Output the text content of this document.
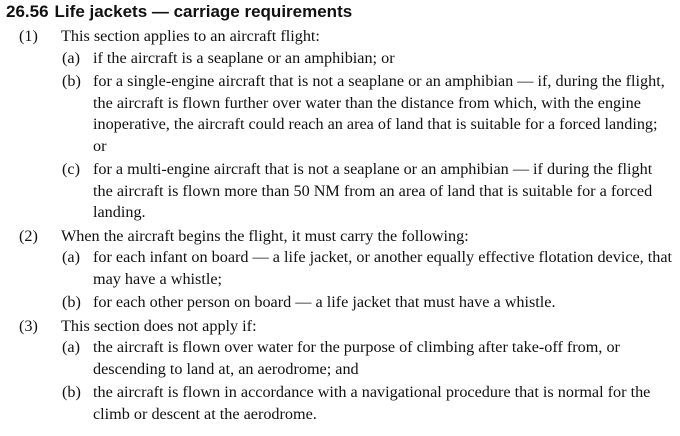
26.56 Life jackets — carriage requirements
(1) This section applies to an aircraft flight:
(a) if the aircraft is a seaplane or an amphibian; or
(b) for a single-engine aircraft that is not a seaplane or an amphibian — if, during the flight, the aircraft is flown further over water than the distance from which, with the engine inoperative, the aircraft could reach an area of land that is suitable for a forced landing; or
(c) for a multi-engine aircraft that is not a seaplane or an amphibian — if during the flight the aircraft is flown more than 50 NM from an area of land that is suitable for a forced landing.
(2) When the aircraft begins the flight, it must carry the following:
(a) for each infant on board — a life jacket, or another equally effective flotation device, that may have a whistle;
(b) for each other person on board — a life jacket that must have a whistle.
(3) This section does not apply if:
(a) the aircraft is flown over water for the purpose of climbing after take-off from, or descending to land at, an aerodrome; and
(b) the aircraft is flown in accordance with a navigational procedure that is normal for the climb or descent at the aerodrome.
